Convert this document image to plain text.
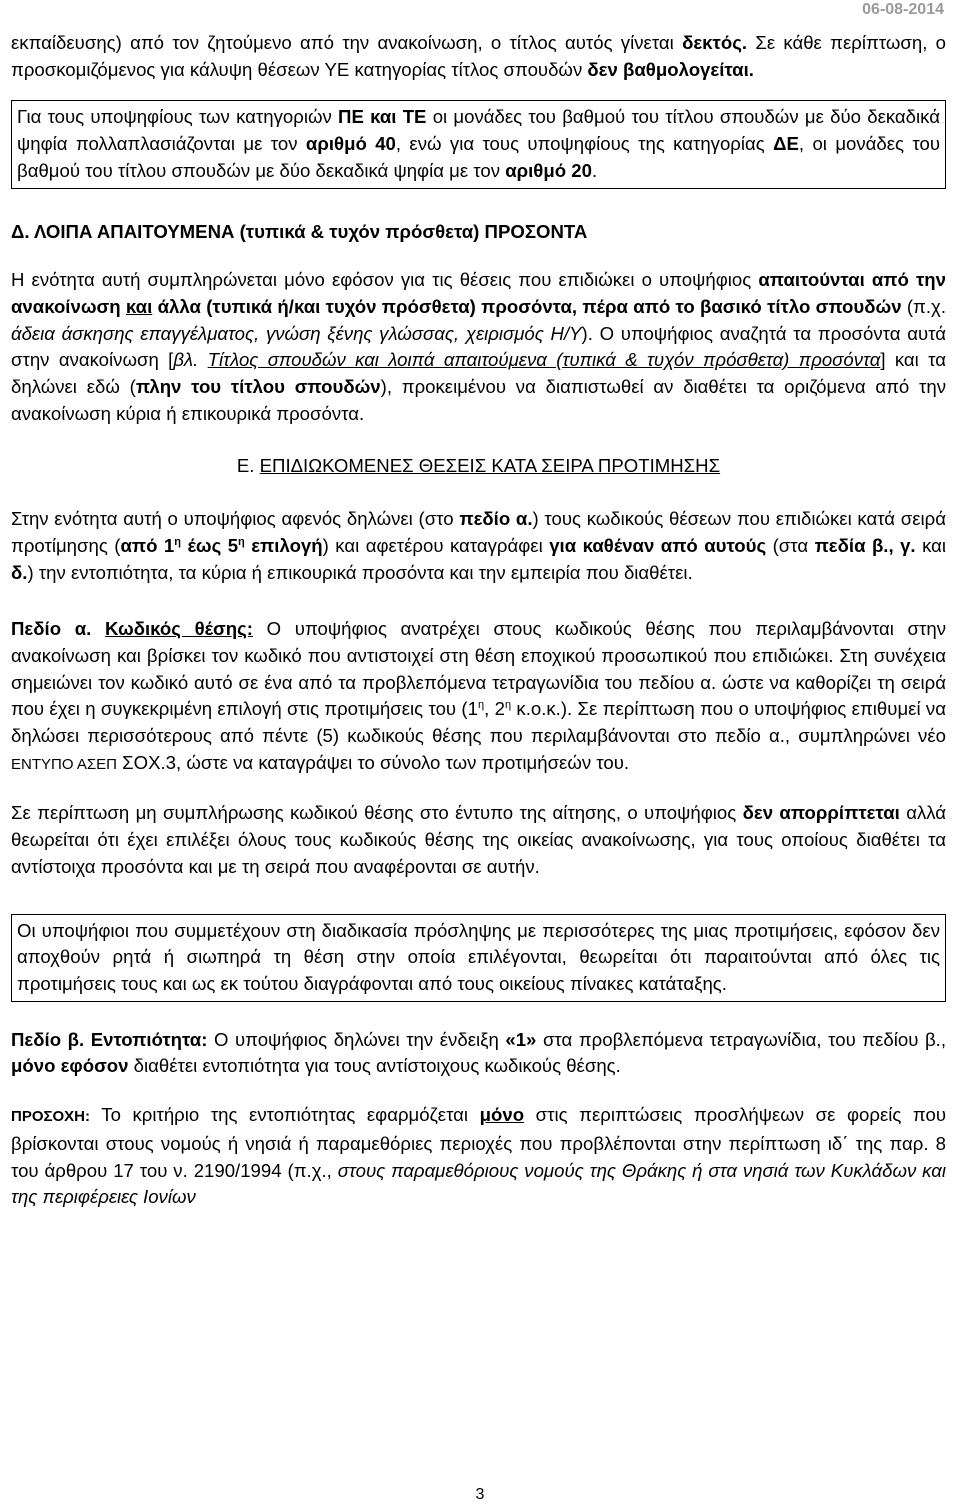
06-08-2014

εκπαίδευσης) από τον ζητούμενο από την ανακοίνωση, ο τίτλος αυτός γίνεται δεκτός. Σε κάθε περίπτωση, ο προσκομιζόμενος για κάλυψη θέσεων ΥΕ κατηγορίας τίτλος σπουδών δεν βαθμολογείται.

Για τους υποψηφίους των κατηγοριών ΠΕ και ΤΕ οι μονάδες του βαθμού του τίτλου σπουδών με δύο δεκαδικά ψηφία πολλαπλασιάζονται με τον αριθμό 40, ενώ για τους υποψηφίους της κατηγορίας ΔΕ, οι μονάδες του βαθμού του τίτλου σπουδών με δύο δεκαδικά ψηφία με τον αριθμό 20.

Δ. ΛΟΙΠΑ ΑΠΑΙΤΟΥΜΕΝΑ (τυπικά & τυχόν πρόσθετα) ΠΡΟΣΟΝΤΑ

Η ενότητα αυτή συμπληρώνεται μόνο εφόσον για τις θέσεις που επιδιώκει ο υποψήφιος απαιτούνται από την ανακοίνωση και άλλα (τυπικά ή/και τυχόν πρόσθετα) προσόντα, πέρα από το βασικό τίτλο σπουδών (π.χ. άδεια άσκησης επαγγέλματος, γνώση ξένης γλώσσας, χειρισμός Η/Υ). Ο υποψήφιος αναζητά τα προσόντα αυτά στην ανακοίνωση [βλ. Τίτλος σπουδών και λοιπά απαιτούμενα (τυπικά & τυχόν πρόσθετα) προσόντα] και τα δηλώνει εδώ (πλην του τίτλου σπουδών), προκειμένου να διαπιστωθεί αν διαθέτει τα οριζόμενα από την ανακοίνωση κύρια ή επικουρικά προσόντα.

Ε. ΕΠΙΔΙΩΚΟΜΕΝΕΣ ΘΕΣΕΙΣ ΚΑΤΑ ΣΕΙΡΑ ΠΡΟΤΙΜΗΣΗΣ

Στην ενότητα αυτή ο υποψήφιος αφενός δηλώνει (στο πεδίο α.) τους κωδικούς θέσεων που επιδιώκει κατά σειρά προτίμησης (από $1^\eta$ έως $5^\eta$ επιλογή) και αφετέρου καταγράφει για καθέναν από αυτούς (στα πεδία β., γ. και δ.) την εντοπιότητα, τα κύρια ή επικουρικά προσόντα και την εμπειρία που διαθέτει.

Πεδίο α. Κωδικός θέσης: Ο υποψήφιος ανατρέχει στους κωδικούς θέσης που περιλαμβάνονται στην ανακοίνωση και βρίσκει τον κωδικό που αντιστοιχεί στη θέση εποχικού προσωπικού που επιδιώκει. Στη συνέχεια σημειώνει τον κωδικό αυτό σε ένα από τα προβλεπόμενα τετραγωνίδια του πεδίου α. ώστε να καθορίζει τη σειρά που έχει η συγκεκριμένη επιλογή στις προτιμήσεις του ($1^\eta$, $2^\eta$ κ.ο.κ.). Σε περίπτωση που ο υποψήφιος επιθυμεί να δηλώσει περισσότερους από πέντε (5) κωδικούς θέσης που περιλαμβάνονται στο πεδίο α., συμπληρώνει νέο ΕΝΤΥΠΟ ΑΣΕΠ ΣΟΧ.3, ώστε να καταγράψει το σύνολο των προτιμήσεών του.

Σε περίπτωση μη συμπλήρωσης κωδικού θέσης στο έντυπο της αίτησης, ο υποψήφιος δεν απορρίπτεται αλλά θεωρείται ότι έχει επιλέξει όλους τους κωδικούς θέσης της οικείας ανακοίνωσης, για τους οποίους διαθέτει τα αντίστοιχα προσόντα και με τη σειρά που αναφέρονται σε αυτήν.

Οι υποψήφιοι που συμμετέχουν στη διαδικασία πρόσληψης με περισσότερες της μιας προτιμήσεις, εφόσον δεν αποχθούν ρητά ή σιωπηρά τη θέση στην οποία επιλέγονται, θεωρείται ότι παραιτούνται από όλες τις προτιμήσεις τους και ως εκ τούτου διαγράφονται από τους οικείους πίνακες κατάταξης.

Πεδίο β. Εντοπιότητα: Ο υποψήφιος δηλώνει την ένδειξη «1» στα προβλεπόμενα τετραγωνίδια, του πεδίου β., μόνο εφόσον διαθέτει εντοπιότητα για τους αντίστοιχους κωδικούς θέσης.

ΠΡΟΣΟΧΗ: Το κριτήριο της εντοπιότητας εφαρμόζεται μόνο στις περιπτώσεις προσλήψεων σε φορείς που βρίσκονται στους νομούς ή νησιά ή παραμεθόριες περιοχές που προβλέπονται στην περίπτωση ιδ΄ της παρ. 8 του άρθρου 17 του ν. 2190/1994 (π.χ., στους παραμεθόριους νομούς της Θράκης ή στα νησιά των Κυκλάδων και της περιφέρειες Ιονίων

3
